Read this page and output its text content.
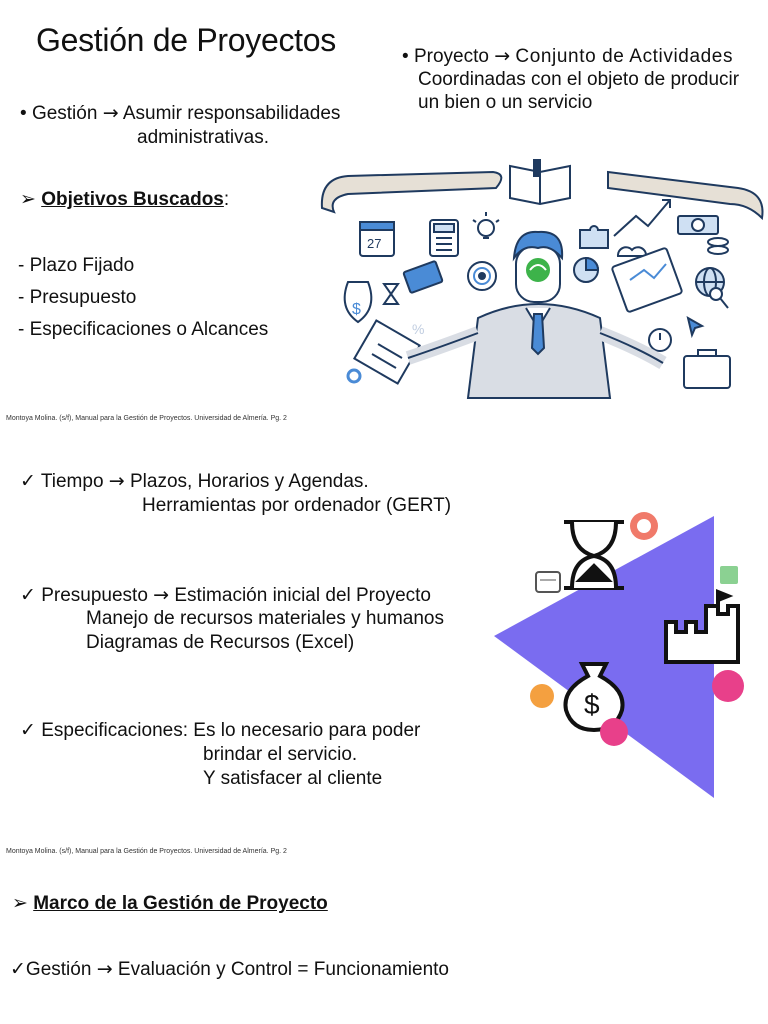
Gestión de Proyectos	• Proyecto → Conjunto de Actividades
Coordinadas con el objeto de producir
un bien o un servicio
• Gestión → Asumir responsabilidades
administrativas.
➢ Objetivos Buscados:
- Plazo Fijado
- Presupuesto
- Especificaciones o Alcances
27
$
%
Montoya Molina. (s/f), Manual para la Gestión de Proyectos. Universidad de Almería. Pg. 2
✓ Tiempo → Plazos, Horarios y Agendas.
Herramientas por ordenador (GERT)
✓ Presupuesto → Estimación inicial del Proyecto
Manejo de recursos materiales y humanos
Diagramas de Recursos (Excel)
✓ Especificaciones: Es lo necesario para poder
brindar el servicio.
Y satisfacer al cliente
$
Montoya Molina. (s/f), Manual para la Gestión de Proyectos. Universidad de Almería. Pg. 2
➢ Marco de la Gestión de Proyecto
✓Gestión → Evaluación y Control = Funcionamiento
